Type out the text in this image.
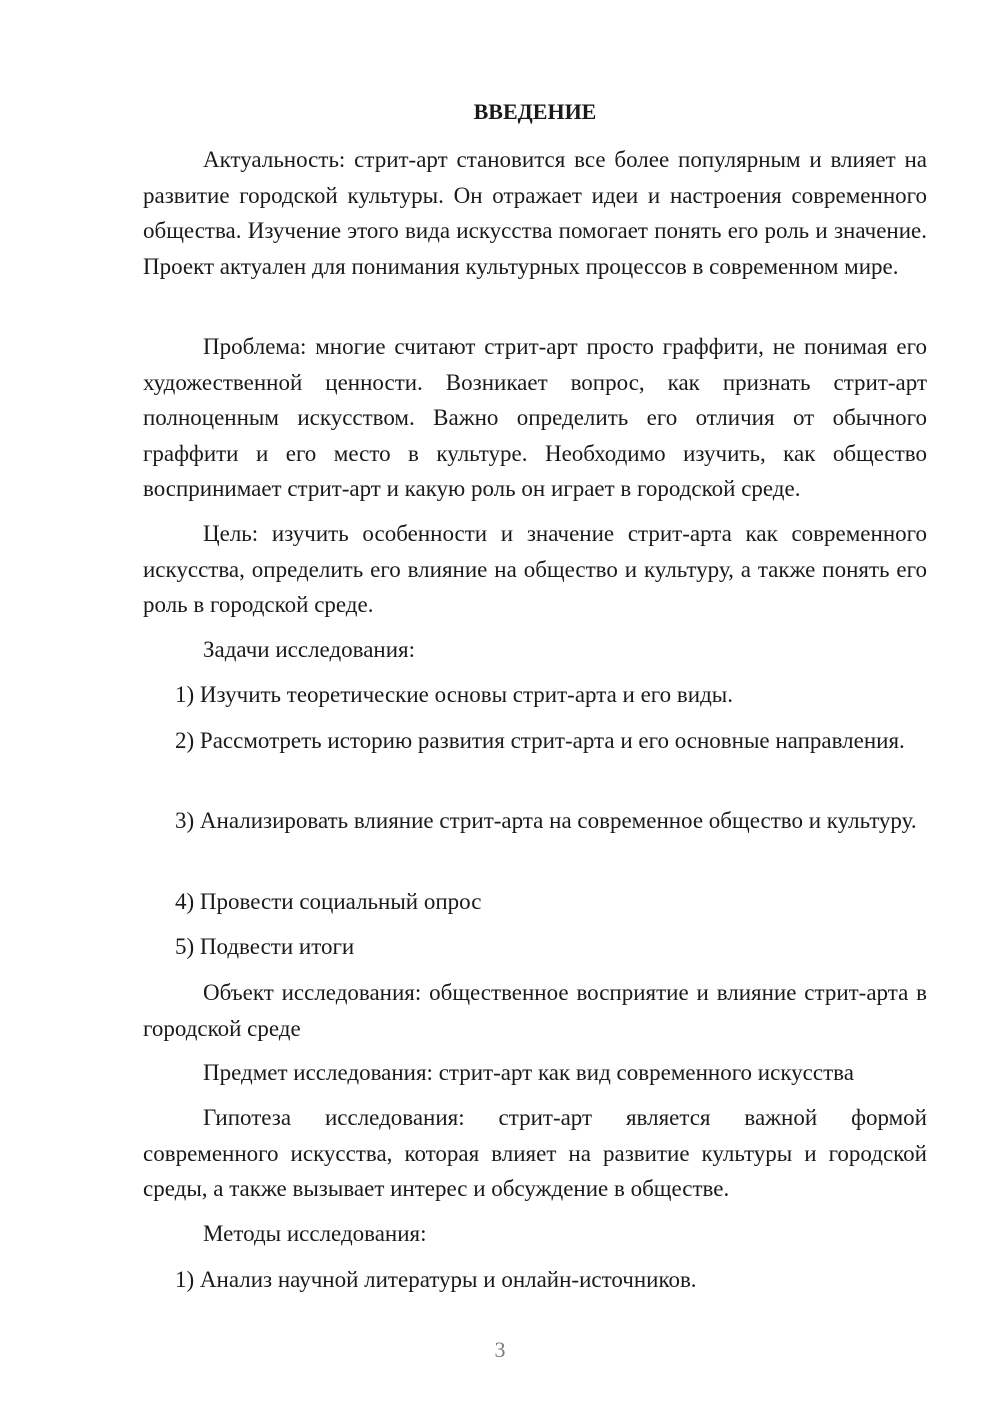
ВВЕДЕНИЕ

Актуальность: стрит-арт становится все более популярным и влияет на развитие городской культуры. Он отражает идеи и настроения современного общества. Изучение этого вида искусства помогает понять его роль и значение. Проект актуален для понимания культурных процессов в современном мире.

Проблема: многие считают стрит-арт просто граффити, не понимая его художественной ценности. Возникает вопрос, как признать стрит-арт полноценным искусством. Важно определить его отличия от обычного граффити и его место в культуре. Необходимо изучить, как общество воспринимает стрит-арт и какую роль он играет в городской среде.

Цель: изучить особенности и значение стрит-арта как современного искусства, определить его влияние на общество и культуру, а также понять его роль в городской среде.

Задачи исследования:

1) Изучить теоретические основы стрит-арта и его виды.

2) Рассмотреть историю развития стрит-арта и его основные направления.

3) Анализировать влияние стрит-арта на современное общество и культуру.

4) Провести социальный опрос

5) Подвести итоги

Объект исследования: общественное восприятие и влияние стрит-арта в городской среде

Предмет исследования: стрит-арт как вид современного искусства

Гипотеза исследования: стрит-арт является важной формой современного искусства, которая влияет на развитие культуры и городской среды, а также вызывает интерес и обсуждение в обществе.

Методы исследования:

1) Анализ научной литературы и онлайн-источников.

3
